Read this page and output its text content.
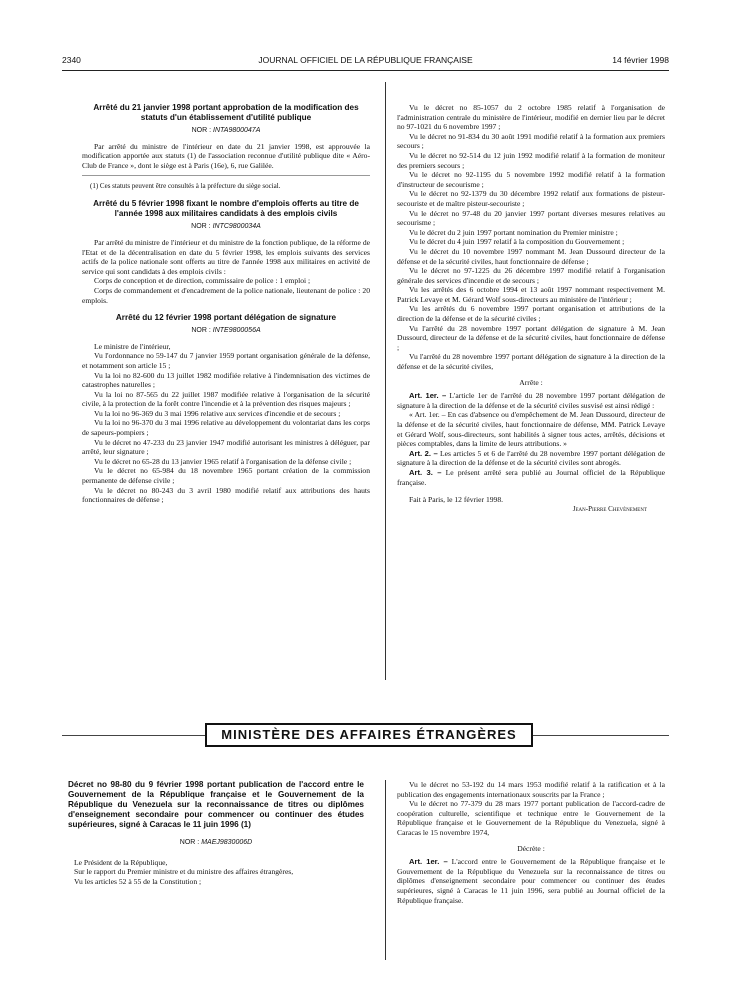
2340	JOURNAL OFFICIEL DE LA RÉPUBLIQUE FRANÇAISE	14 février 1998
Arrêté du 21 janvier 1998 portant approbation de la modification des statuts d'un établissement d'utilité publique
NOR : INTA9800047A

Par arrêté du ministre de l'intérieur en date du 21 janvier 1998, est approuvée la modification apportée aux statuts (1) de l'association reconnue d'utilité publique dite « Aéro-Club de France », dont le siège est à Paris (16e), 6, rue Galilée.

(1) Ces statuts peuvent être consultés à la préfecture du siège social.

Arrêté du 5 février 1998 fixant le nombre d'emplois offerts au titre de l'année 1998 aux militaires candidats à des emplois civils
NOR : INTC9800034A

Par arrêté du ministre de l'intérieur et du ministre de la fonction publique, de la réforme de l'Etat et de la décentralisation en date du 5 février 1998, les emplois suivants des services actifs de la police nationale sont offerts au titre de l'année 1998 aux militaires en activité de service qui sont candidats à des emplois civils :

Corps de conception et de direction, commissaire de police : 1 emploi ;

Corps de commandement et d'encadrement de la police nationale, lieutenant de police : 20 emplois.

Arrêté du 12 février 1998 portant délégation de signature
NOR : INTE9800056A

Le ministre de l'intérieur,

Vu l'ordonnance no 59-147 du 7 janvier 1959 portant organisation générale de la défense, et notamment son article 15 ;

Vu la loi no 82-600 du 13 juillet 1982 modifiée relative à l'indemnisation des victimes de catastrophes naturelles ;

Vu la loi no 87-565 du 22 juillet 1987 modifiée relative à l'organisation de la sécurité civile, à la protection de la forêt contre l'incendie et à la prévention des risques majeurs ;

Vu la loi no 96-369 du 3 mai 1996 relative aux services d'incendie et de secours ;

Vu la loi no 96-370 du 3 mai 1996 relative au développement du volontariat dans les corps de sapeurs-pompiers ;

Vu le décret no 47-233 du 23 janvier 1947 modifié autorisant les ministres à déléguer, par arrêté, leur signature ;

Vu le décret no 65-28 du 13 janvier 1965 relatif à l'organisation de la défense civile ;

Vu le décret no 65-984 du 18 novembre 1965 portant création de la commission permanente de défense civile ;

Vu le décret no 80-243 du 3 avril 1980 modifié relatif aux attributions des hauts fonctionnaires de défense ;

Vu le décret no 85-1057 du 2 octobre 1985 relatif à l'organisation de l'administration centrale du ministère de l'intérieur, modifié en dernier lieu par le décret no 97-1021 du 6 novembre 1997 ;

Vu le décret no 91-834 du 30 août 1991 modifié relatif à la formation aux premiers secours ;

Vu le décret no 92-514 du 12 juin 1992 modifié relatif à la formation de moniteur des premiers secours ;

Vu le décret no 92-1195 du 5 novembre 1992 modifié relatif à la formation d'instructeur de secourisme ;

Vu le décret no 92-1379 du 30 décembre 1992 relatif aux formations de pisteur-secouriste et de maître pisteur-secouriste ;

Vu le décret no 97-48 du 20 janvier 1997 portant diverses mesures relatives au secourisme ;

Vu le décret du 2 juin 1997 portant nomination du Premier ministre ;

Vu le décret du 4 juin 1997 relatif à la composition du Gouvernement ;

Vu le décret du 10 novembre 1997 nommant M. Jean Dussourd directeur de la défense et de la sécurité civiles, haut fonctionnaire de défense ;

Vu le décret no 97-1225 du 26 décembre 1997 modifié relatif à l'organisation générale des services d'incendie et de secours ;

Vu les arrêtés des 6 octobre 1994 et 13 août 1997 nommant respectivement M. Patrick Levaye et M. Gérard Wolf sous-directeurs au ministère de l'intérieur ;

Vu les arrêtés du 6 novembre 1997 portant organisation et attributions de la direction de la défense et de la sécurité civiles ;

Vu l'arrêté du 28 novembre 1997 portant délégation de signature à M. Jean Dussourd, directeur de la défense et de la sécurité civiles, haut fonctionnaire de défense ;

Vu l'arrêté du 28 novembre 1997 portant délégation de signature à la direction de la défense et de la sécurité civiles,

Arrête :

Art. 1er. – L'article 1er de l'arrêté du 28 novembre 1997 portant délégation de signature à la direction de la défense et de la sécurité civiles susvisé est ainsi rédigé :

« Art. 1er. – En cas d'absence ou d'empêchement de M. Jean Dussourd, directeur de la défense et de la sécurité civiles, haut fonctionnaire de défense, MM. Patrick Levaye et Gérard Wolf, sous-directeurs, sont habilités à signer tous actes, arrêtés, décisions et pièces comptables, dans la limite de leurs attributions. »

Art. 2. – Les articles 5 et 6 de l'arrêté du 28 novembre 1997 portant délégation de signature à la direction de la défense et de la sécurité civiles sont abrogés.

Art. 3. – Le présent arrêté sera publié au Journal officiel de la République française.

Fait à Paris, le 12 février 1998.

Jean-Pierre Chevènement

MINISTÈRE DES AFFAIRES ÉTRANGÈRES
Décret no 98-80 du 9 février 1998 portant publication de l'accord entre le Gouvernement de la République française et le Gouvernement de la République du Venezuela sur la reconnaissance de titres ou diplômes d'enseignement secondaire pour commencer ou continuer des études supérieures, signé à Caracas le 11 juin 1996 (1)
NOR : MAEJ9830006D

Le Président de la République,

Sur le rapport du Premier ministre et du ministre des affaires étrangères,

Vu les articles 52 à 55 de la Constitution ;

Vu le décret no 53-192 du 14 mars 1953 modifié relatif à la ratification et à la publication des engagements internationaux souscrits par la France ;

Vu le décret no 77-379 du 28 mars 1977 portant publication de l'accord-cadre de coopération culturelle, scientifique et technique entre le Gouvernement de la République française et le Gouvernement de la République du Venezuela, signé à Caracas le 15 novembre 1974,

Décrète :

Art. 1er. – L'accord entre le Gouvernement de la République française et le Gouvernement de la République du Venezuela sur la reconnaissance de titres ou diplômes d'enseignement secondaire pour commencer ou continuer des études supérieures, signé à Caracas le 11 juin 1996, sera publié au Journal officiel de la République française.
